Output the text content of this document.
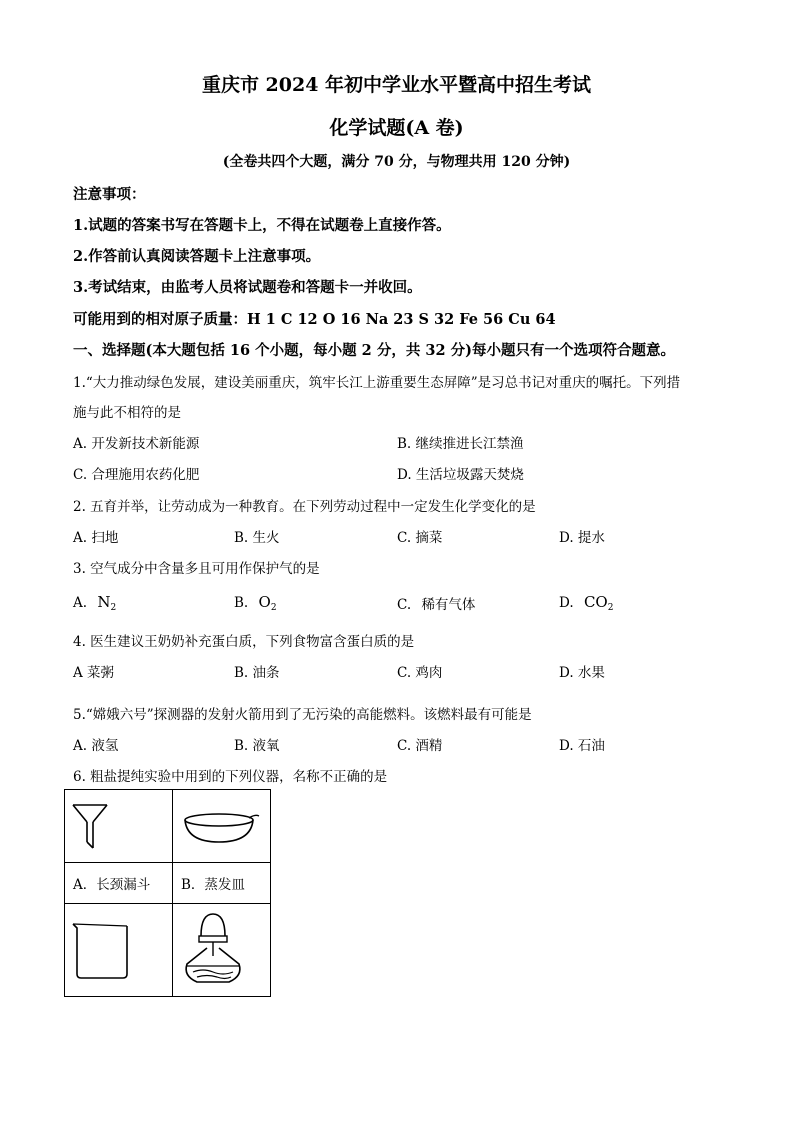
重庆市 2024 年初中学业水平暨高中招生考试
化学试题(A 卷)
(全卷共四个大题，满分 70 分，与物理共用 120 分钟)
注意事项：
1.试题的答案书写在答题卡上，不得在试题卷上直接作答。
2.作答前认真阅读答题卡上注意事项。
3.考试结束，由监考人员将试题卷和答题卡一并收回。
可能用到的相对原子质量：H 1 C 12 O 16 Na 23 S 32 Fe 56 Cu 64
一、选择题(本大题包括 16 个小题，每小题 2 分，共 32 分)每小题只有一个选项符合题意。
1.“大力推动绿色发展，建设美丽重庆，筑牢长江上游重要生态屏障”是习总书记对重庆的嘱托。下列措
施与此不相符的是
A. 开发新技术新能源	B. 继续推进长江禁渔
C. 合理施用农药化肥	D. 生活垃圾露天焚烧
2. 五育并举，让劳动成为一种教育。在下列劳动过程中一定发生化学变化的是
A. 扫地	B. 生火	C. 摘菜	D. 提水
3. 空气成分中含量多且可用作保护气的是
A. $N_2$	B. $O_2$	C. 稀有气体	D. $CO_2$
4. 医生建议王奶奶补充蛋白质，下列食物富含蛋白质的是
A 菜粥	B. 油条	C. 鸡肉	D. 水果
5.“嫦娥六号”探测器的发射火箭用到了无污染的高能燃料。该燃料最有可能是
A. 液氢	B. 液氧	C. 酒精	D. 石油
6. 粗盐提纯实验中用到的下列仪器，名称不正确的是

A．长颈漏斗	B．蒸发皿
